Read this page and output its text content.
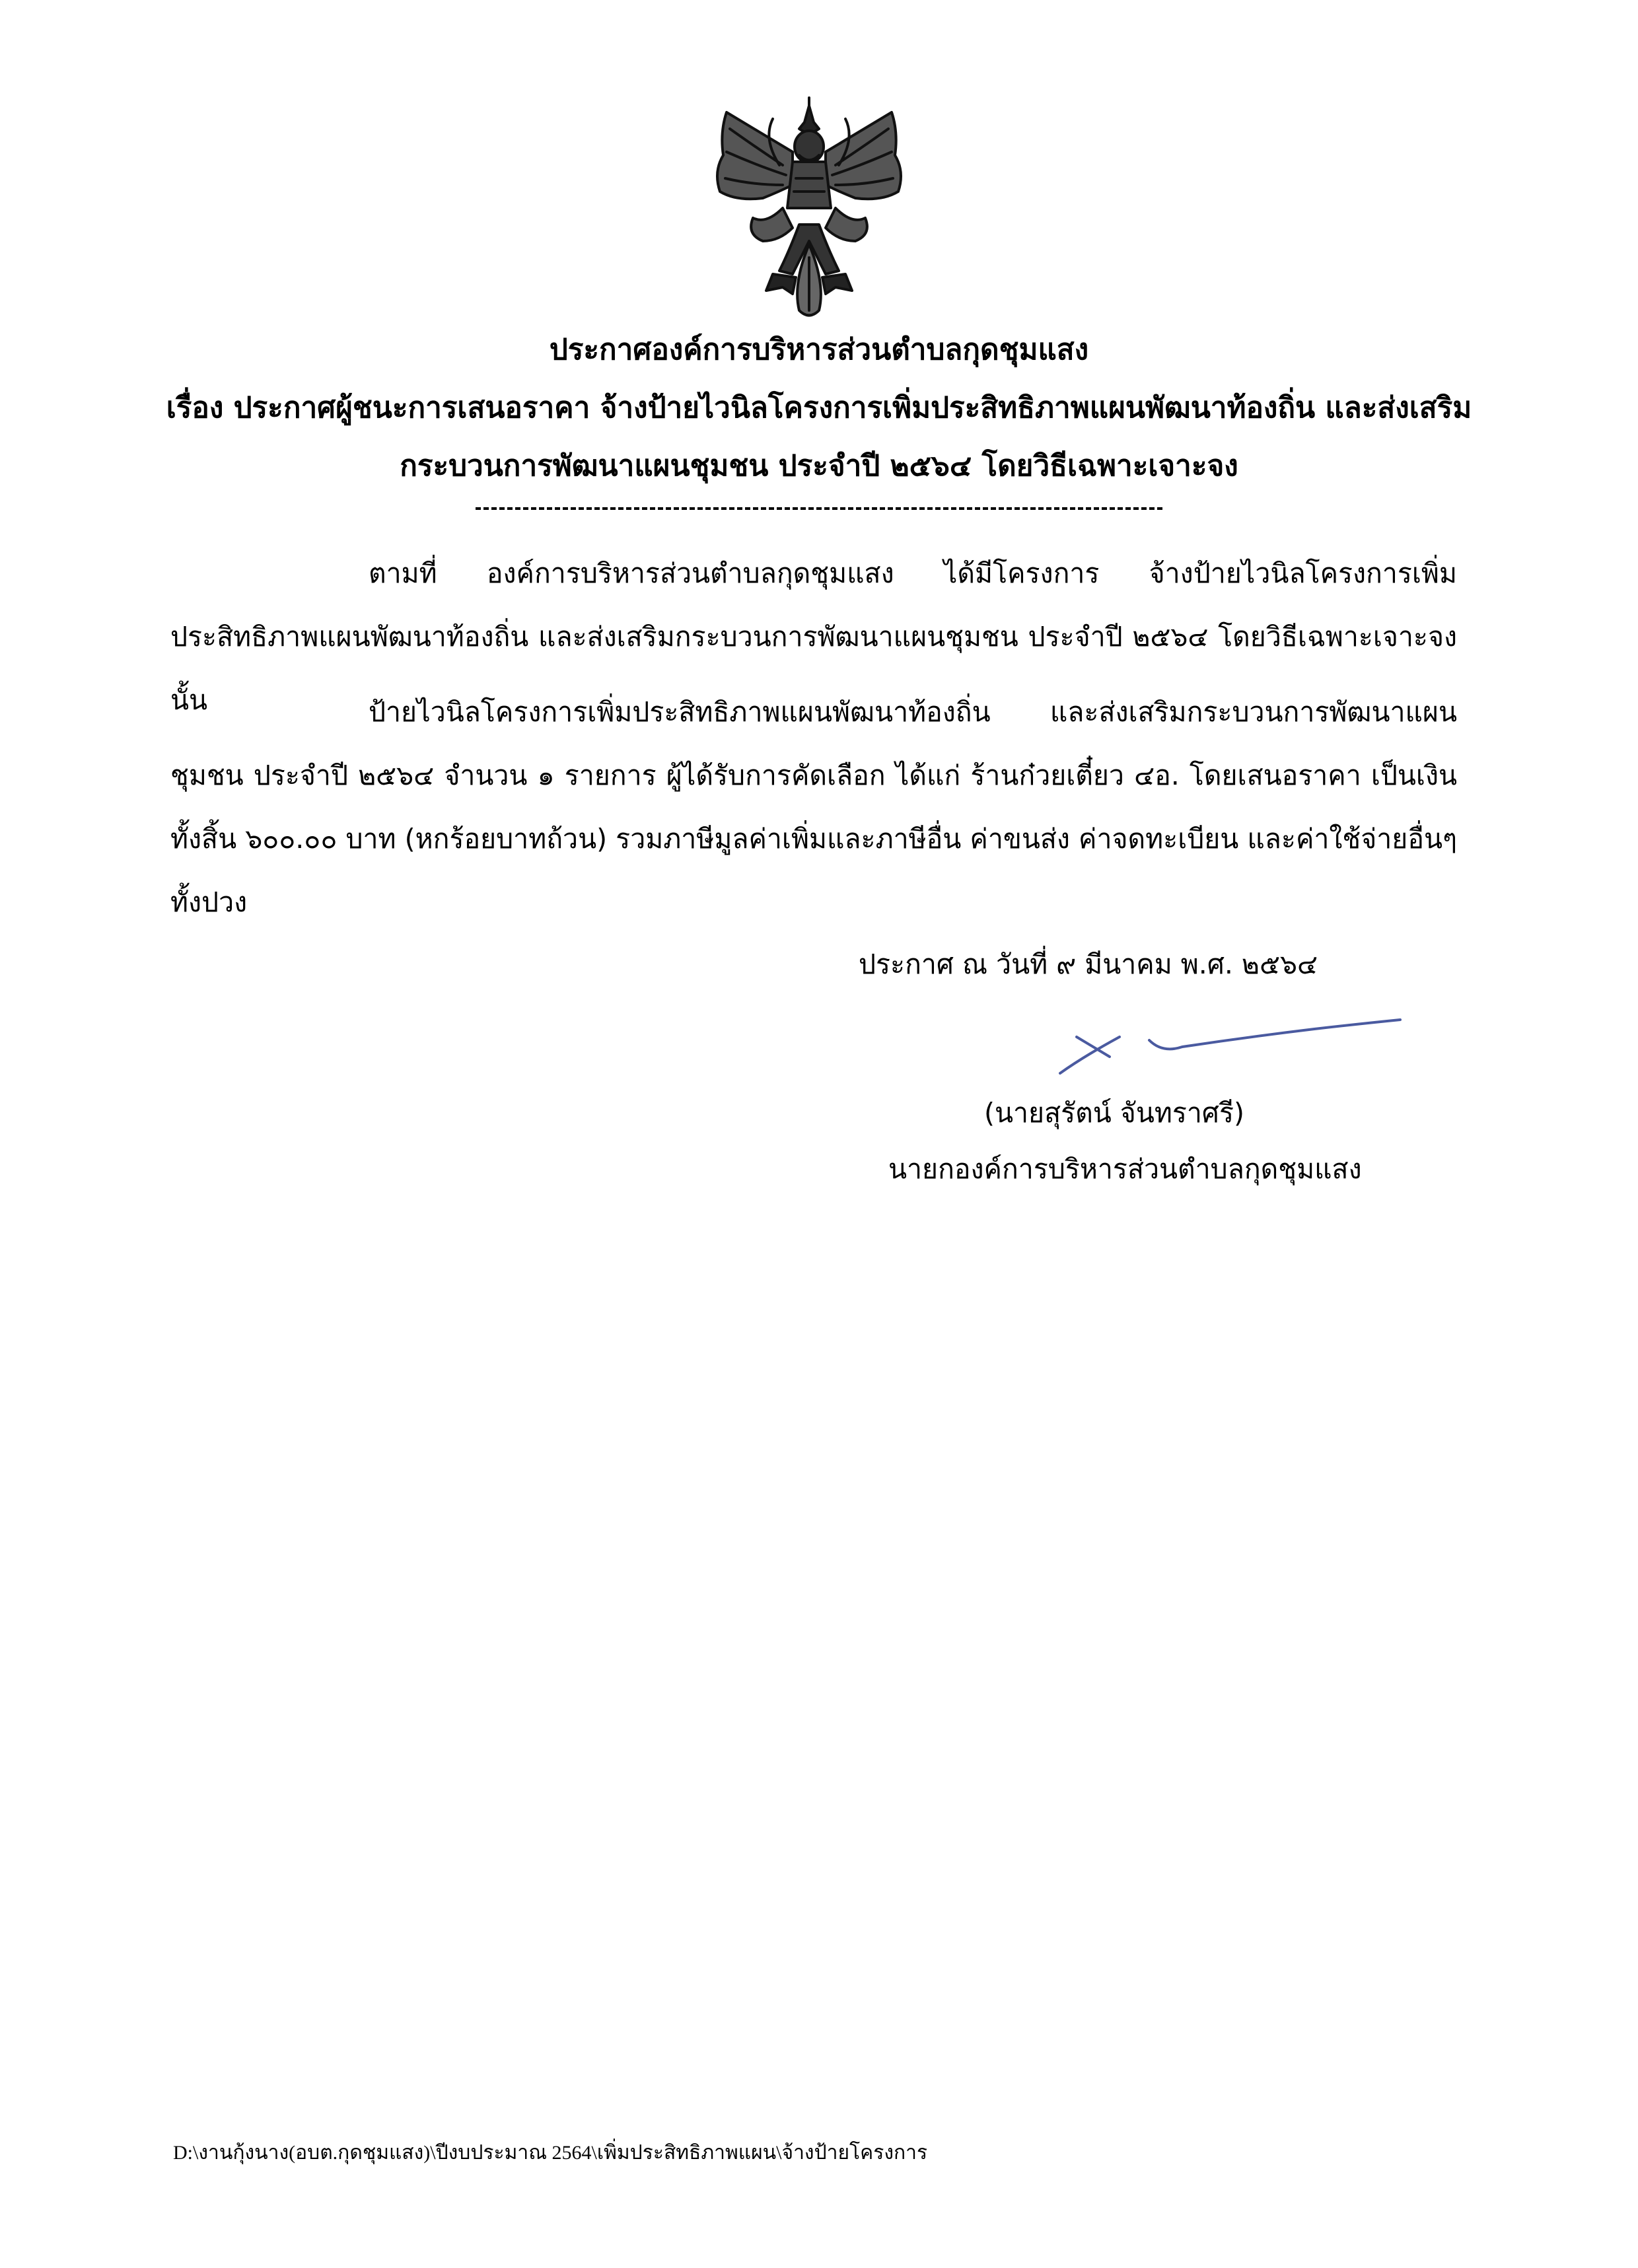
ประกาศองค์การบริหารส่วนตำบลกุดชุมแสง
เรื่อง ประกาศผู้ชนะการเสนอราคา จ้างป้ายไวนิลโครงการเพิ่มประสิทธิภาพแผนพัฒนาท้องถิ่น และส่งเสริม
กระบวนการพัฒนาแผนชุมชน ประจำปี ๒๕๖๔ โดยวิธีเฉพาะเจาะจง
ตามที่ องค์การบริหารส่วนตำบลกุดชุมแสง ได้มีโครงการ จ้างป้ายไวนิลโครงการเพิ่มประสิทธิภาพแผนพัฒนาท้องถิ่น และส่งเสริมกระบวนการพัฒนาแผนชุมชน ประจำปี ๒๕๖๔ โดยวิธีเฉพาะเจาะจง นั้น	ป้ายไวนิลโครงการเพิ่มประสิทธิภาพแผนพัฒนาท้องถิ่น และส่งเสริมกระบวนการพัฒนาแผนชุมชน ประจำปี ๒๕๖๔ จำนวน ๑ รายการ ผู้ได้รับการคัดเลือก ได้แก่ ร้านก๋วยเตี๋ยว ๔อ. โดยเสนอราคา เป็นเงินทั้งสิ้น ๖๐๐.๐๐ บาท (หกร้อยบาทถ้วน) รวมภาษีมูลค่าเพิ่มและภาษีอื่น ค่าขนส่ง ค่าจดทะเบียน และค่าใช้จ่ายอื่นๆ ทั้งปวง
ประกาศ ณ วันที่ ๙ มีนาคม พ.ศ. ๒๕๖๔
(นายสุรัตน์ จันทราศรี)
นายกองค์การบริหารส่วนตำบลกุดชุมแสง
D:\งานกุ้งนาง(อบต.กุดชุมแสง)\ปีงบประมาณ 2564\เพิ่มประสิทธิภาพแผน\จ้างป้ายโครงการ
